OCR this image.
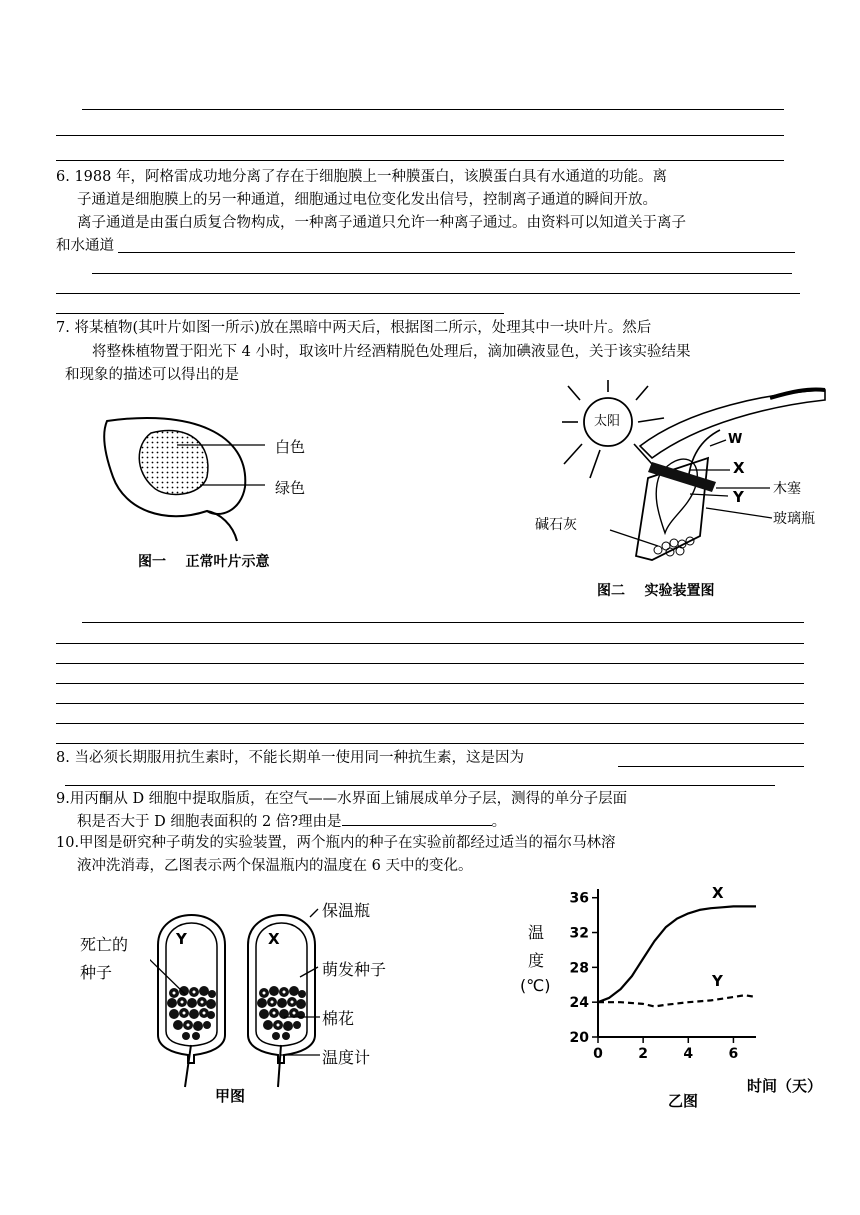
6. 1988 年，阿格雷成功地分离了存在于细胞膜上一种膜蛋白，该膜蛋白具有水通道的功能。离
子通道是细胞膜上的另一种通道，细胞通过电位变化发出信号，控制离子通道的瞬间开放。
离子通道是由蛋白质复合物构成，一种离子通道只允许一种离子通过。由资料可以知道关于离子
和水通道
7. 将某植物(其叶片如图一所示)放在黑暗中两天后，根据图二所示，处理其中一块叶片。然后
将整株植物置于阳光下 4 小时，取该叶片经酒精脱色处理后，滴加碘液显色，关于该实验结果
和现象的描述可以得出的是
白色
绿色
图一    正常叶片示意
太阳
W
X
Y 木塞
玻璃瓶
碱石灰
图二    实验装置图
8. 当必须长期服用抗生素时，不能长期单一使用同一种抗生素，这是因为
9.用丙酮从 D 细胞中提取脂质，在空气——水界面上铺展成单分子层，测得的单分子层面
积是否大于 D 细胞表面积的 2 倍?理由是	。
10.甲图是研究种子萌发的实验装置，两个瓶内的种子在实验前都经过适当的福尔马林溶
液冲洗消毒，乙图表示两个保温瓶内的温度在 6 天中的变化。
死亡的
种子
Y	X
保温瓶
萌发种子
棉花
温度计
甲图
20
24
28
32
36
0	2	4	6
温
度
(℃)
X
Y
时间（天）
乙图
